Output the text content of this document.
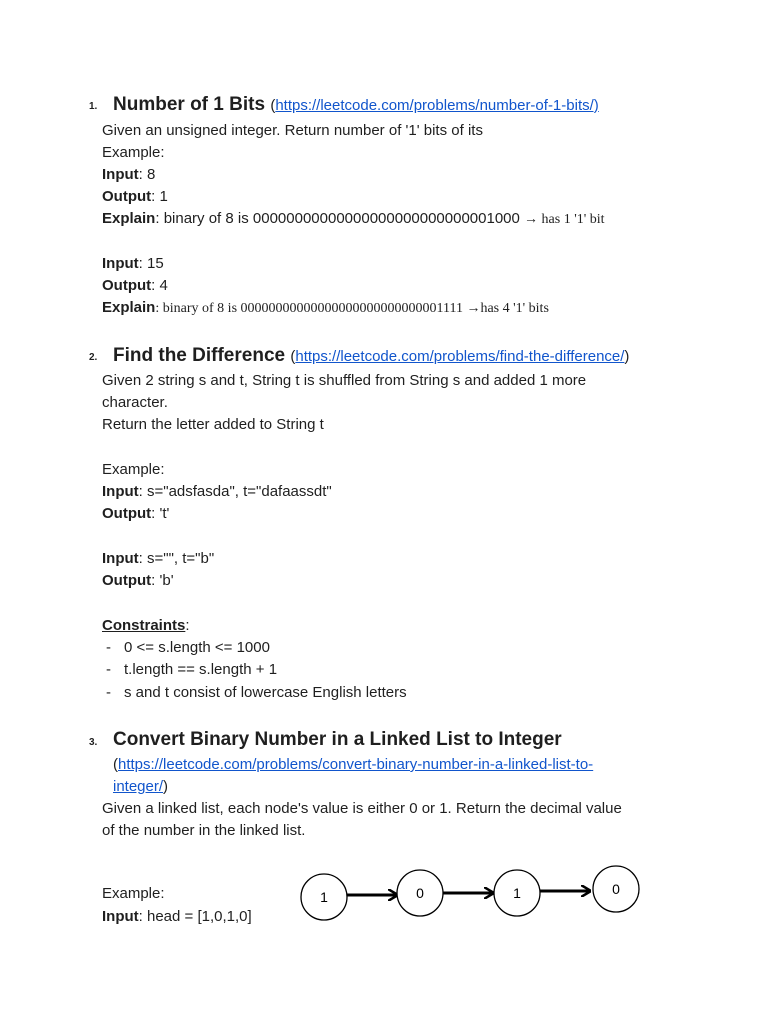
1. Number of 1 Bits (https://leetcode.com/problems/number-of-1-bits/)
Given an unsigned integer. Return number of '1' bits of its
Example:
Input: 8
Output: 1
Explain: binary of 8 is 00000000000000000000000000001000 → has 1 '1' bit
Input: 15
Output: 4
Explain: binary of 8 is 00000000000000000000000000001111 →has 4 '1' bits
2. Find the Difference (https://leetcode.com/problems/find-the-difference/)
Given 2 string s and t, String t is shuffled from String s and added 1 more
character.
Return the letter added to String t
Example:
Input: s="adsfasda", t="dafaassdt"
Output: 't'
Input: s="", t="b"
Output: 'b'
Constraints:
- 0 <= s.length <= 1000
- t.length == s.length + 1
- s and t consist of lowercase English letters
3. Convert Binary Number in a Linked List to Integer
(https://leetcode.com/problems/convert-binary-number-in-a-linked-list-to-
integer/)
Given a linked list, each node's value is either 0 or 1. Return the decimal value
of the number in the linked list.
Example:
Input: head = [1,0,1,0]
1	0	1	0
